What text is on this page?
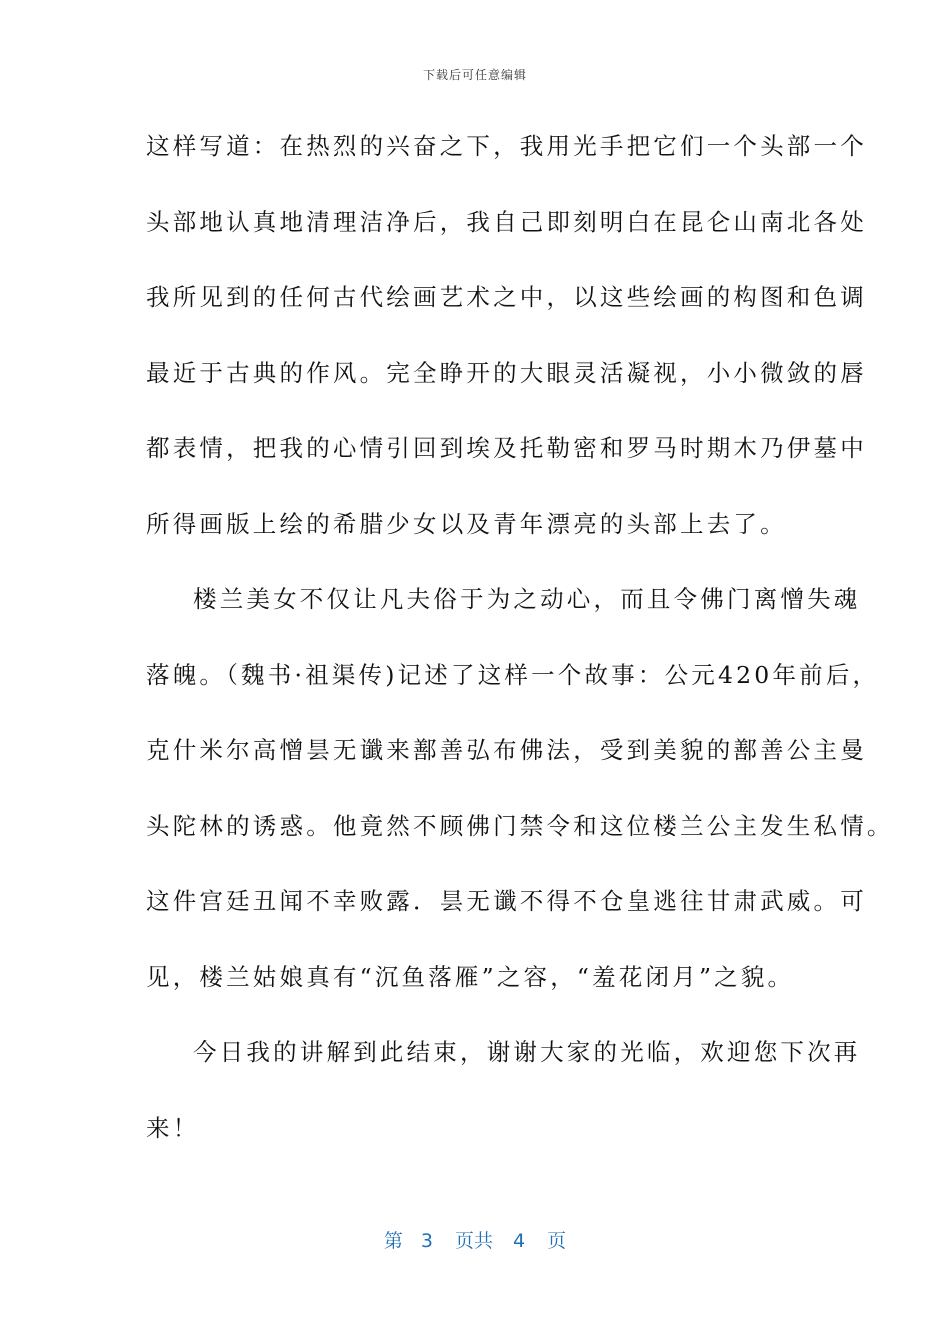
下载后可任意编辑
这样写道：在热烈的兴奋之下，我用光手把它们一个头部一个
头部地认真地清理洁净后，我自己即刻明白在昆仑山南北各处
我所见到的任何古代绘画艺术之中，以这些绘画的构图和色调
最近于古典的作风。完全睁开的大眼灵活凝视，小小微敛的唇
都表情，把我的心情引回到埃及托勒密和罗马时期木乃伊墓中
所得画版上绘的希腊少女以及青年漂亮的头部上去了。
楼兰美女不仅让凡夫俗于为之动心，而且令佛门离憎失魂
落魄。（魏书·祖渠传)记述了这样一个故事：公元420年前后，
克什米尔高憎昙无谶来鄯善弘布佛法，受到美貌的鄯善公主曼
头陀林的诱惑。他竟然不顾佛门禁令和这位楼兰公主发生私情。
这件宫廷丑闻不幸败露．昙无谶不得不仓皇逃往甘肃武威。可
见，楼兰姑娘真有“沉鱼落雁”之容，“羞花闭月”之貌。
今日我的讲解到此结束，谢谢大家的光临，欢迎您下次再
来！
第 3 页共 4 页
